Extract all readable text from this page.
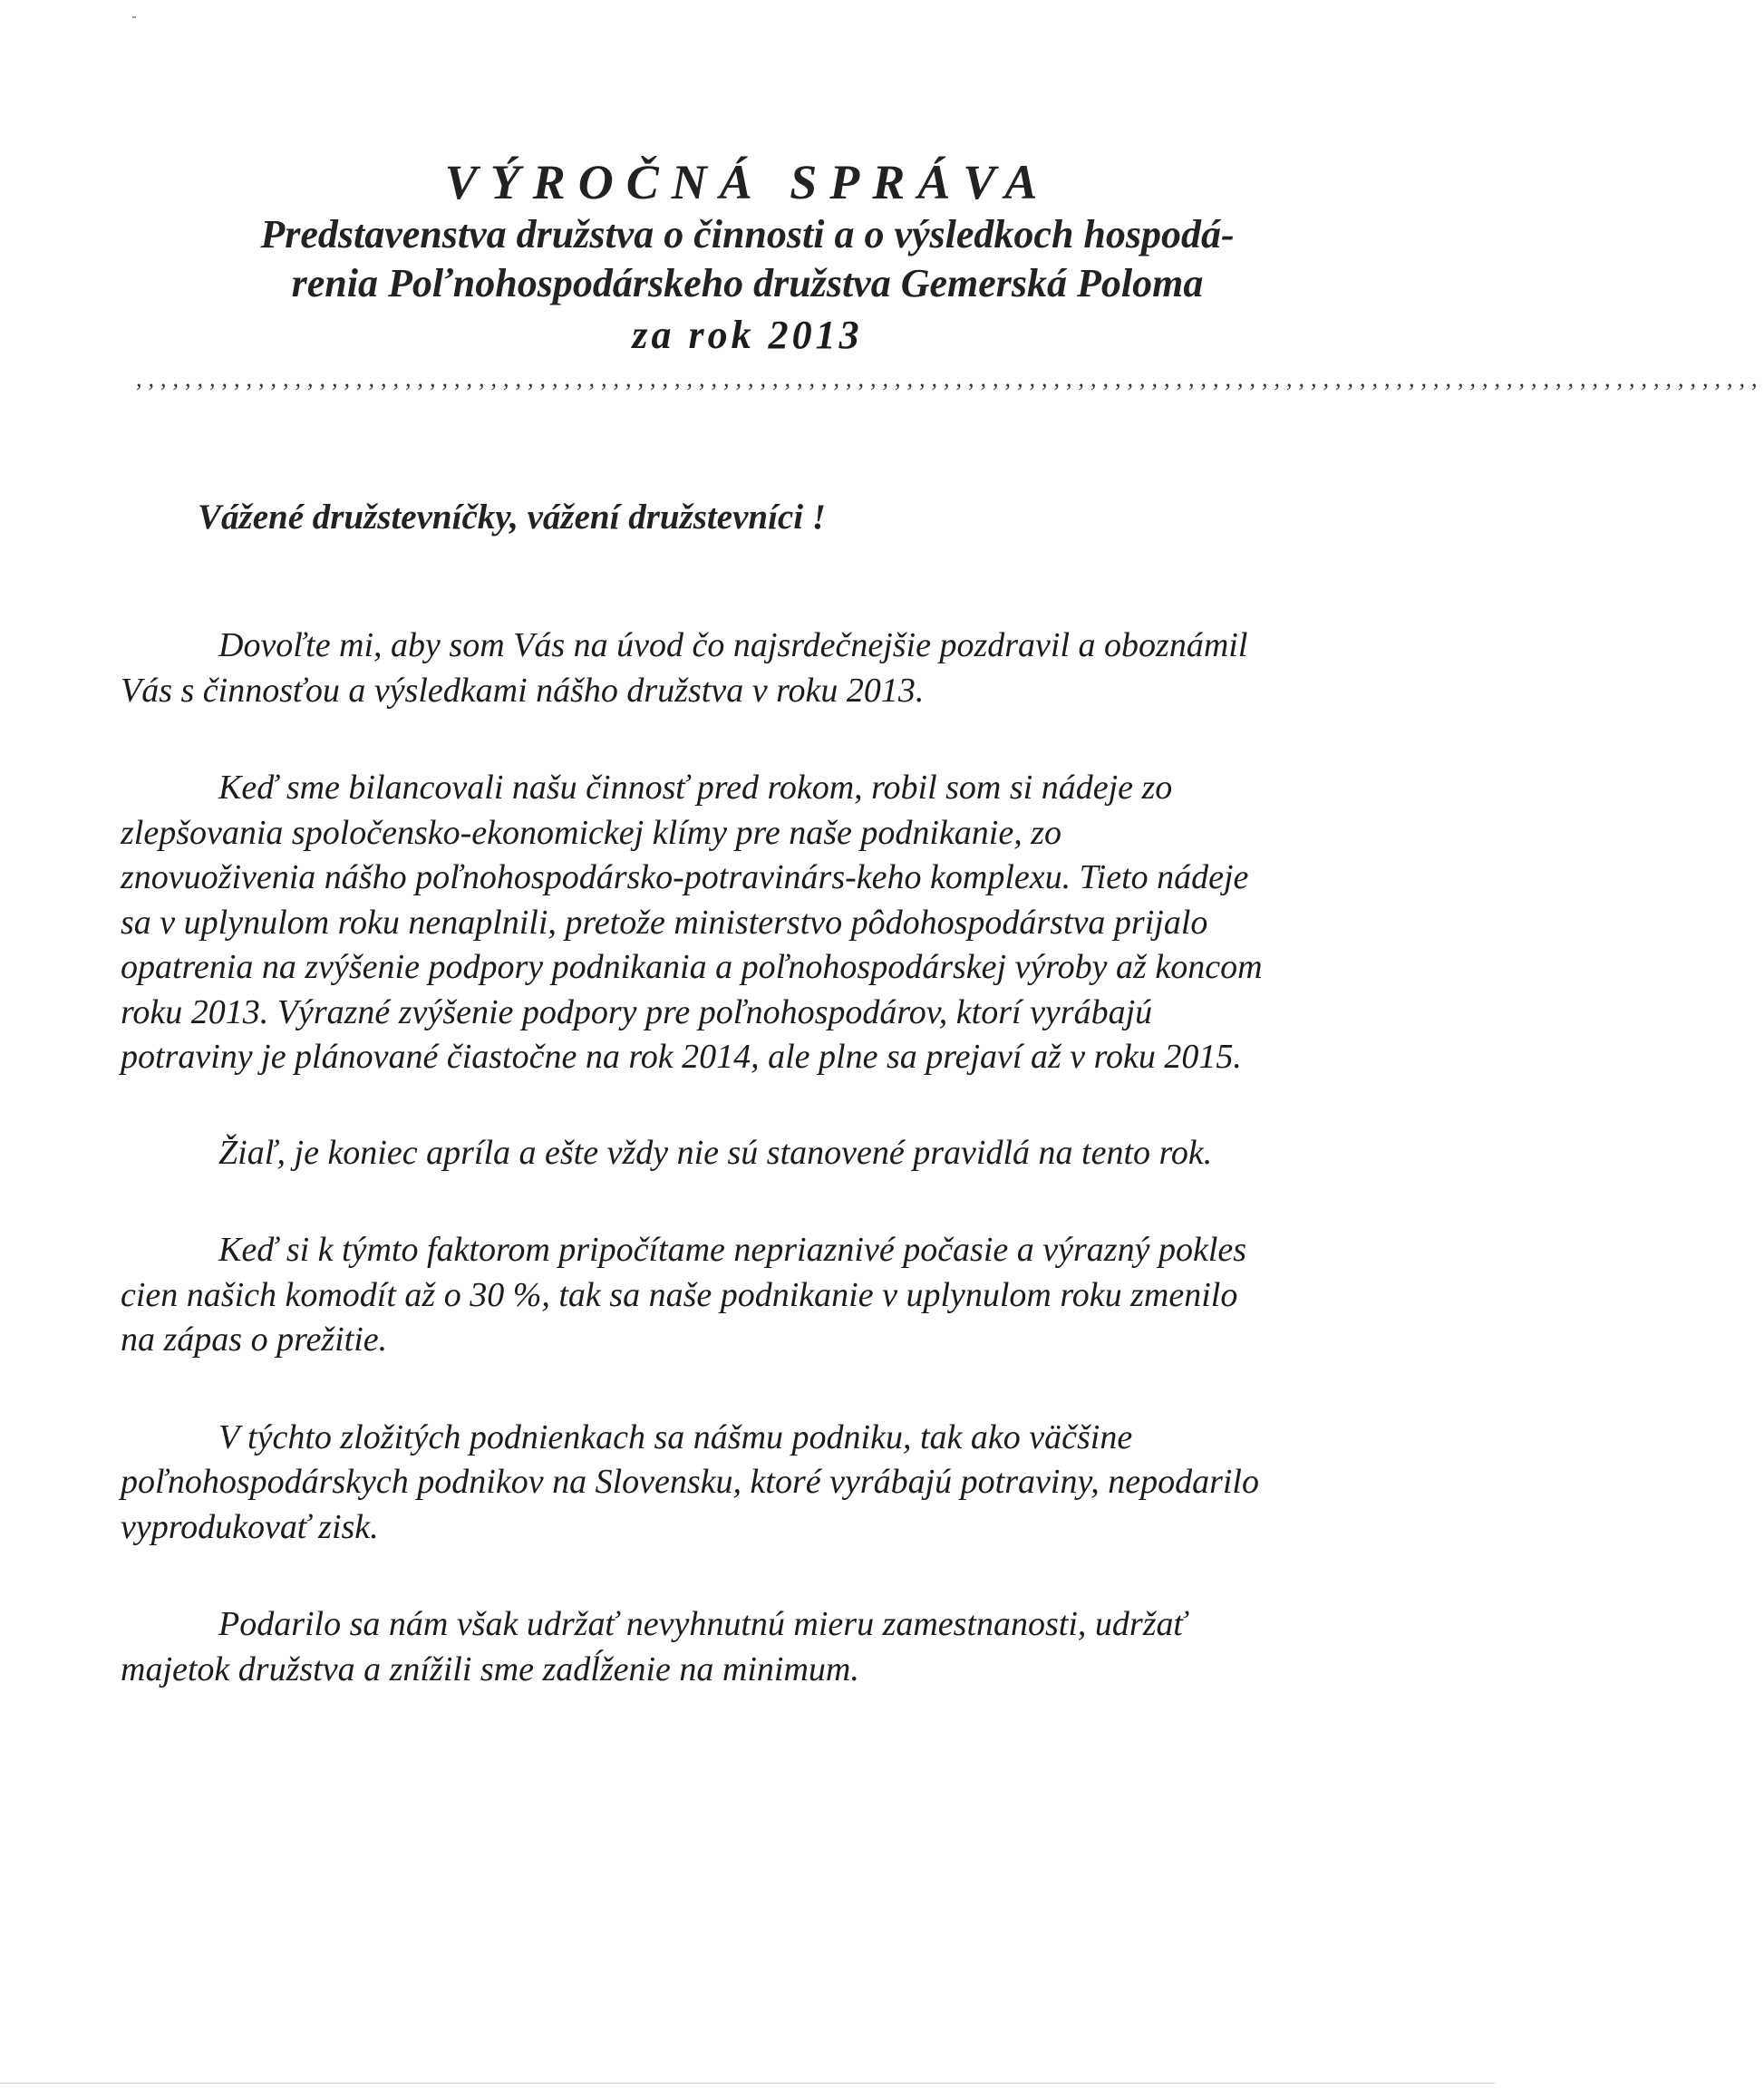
VÝROČNÁ SPRÁVA

Predstavenstva družstva o činnosti a o výsledkoch hospodá-

renia Poľnohospodárskeho družstva Gemerská Poloma

za rok 2013

,,,,,,,,,,,,,,,,,,,,,,,,,,,,,,,,,,,,,,,,,,,,,,,,,,,,,,,,,,,,,,,,,,,,,,,,,,,,,,,,,,,,,,,,,,,,,,,,,,,,,,,,,,,,,,,,,,,,,,,,,,,,,,,,,,,,,
Vážené družstevníčky, vážení družstevníci !

Dovoľte mi, aby som Vás na úvod čo najsrdečnejšie pozdravil a oboznámil Vás s činnosťou a výsledkami nášho družstva v roku 2013.

Keď sme bilancovali našu činnosť pred rokom, robil som si nádeje zo zlepšovania spoločensko-ekonomickej klímy pre naše podnikanie, zo znovuoživenia nášho poľnohospodársko-potravinárs-keho komplexu. Tieto nádeje sa v uplynulom roku nenaplnili, pretože ministerstvo pôdohospodárstva prijalo opatrenia na zvýšenie podpory podnikania a poľnohospodárskej výroby až koncom roku 2013. Výrazné zvýšenie podpory pre poľnohospodárov, ktorí vyrábajú potraviny je plánované čiastočne na rok 2014, ale plne sa prejaví až v roku 2015.

Žiaľ, je koniec apríla a ešte vždy nie sú stanovené pravidlá na tento rok.

Keď si k týmto faktorom pripočítame nepriaznivé počasie a výrazný pokles cien našich komodít až o 30 %, tak sa naše podnikanie v uplynulom roku zmenilo na zápas o prežitie.

V týchto zložitých podnienkach sa nášmu podniku, tak ako väčšine poľnohospodárskych podnikov na Slovensku, ktoré vyrábajú potraviny, nepodarilo vyprodukovať zisk.

Podarilo sa nám však udržať nevyhnutnú mieru zamestnanosti, udržať majetok družstva a znížili sme zadĺženie na minimum.
